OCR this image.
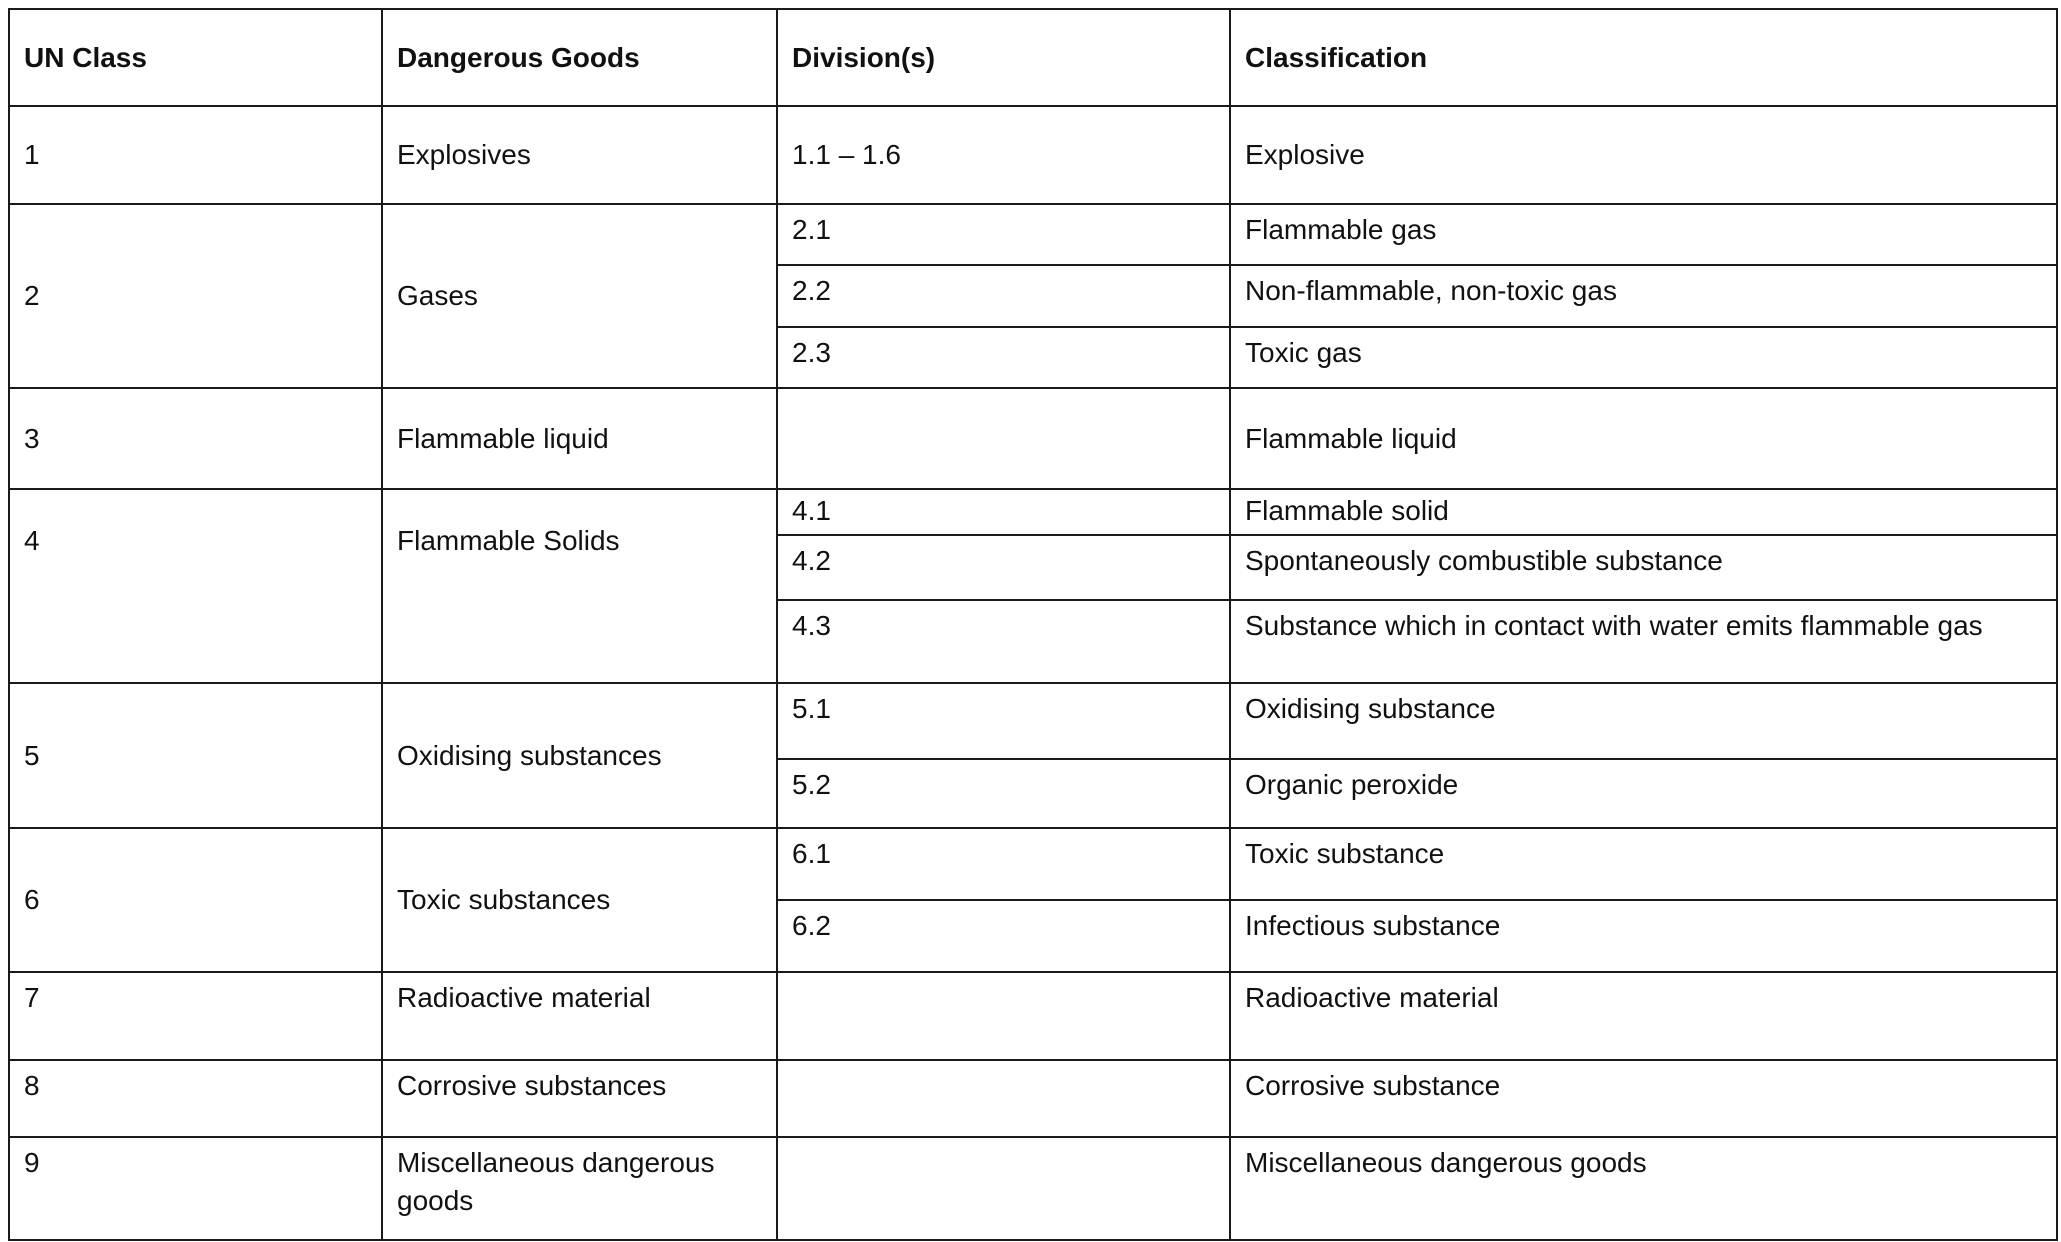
UN Class	Dangerous Goods	Division(s)	Classification
1	Explosives	1.1 – 1.6	Explosive
2	Gases	2.1	Flammable gas
		2.2	Non-flammable, non-toxic gas
		2.3	Toxic gas
3	Flammable liquid		Flammable liquid
4	Flammable Solids	4.1	Flammable solid
		4.2	Spontaneously combustible substance
		4.3	Substance which in contact with water emits flammable gas
5	Oxidising substances	5.1	Oxidising substance
		5.2	Organic peroxide
6	Toxic substances	6.1	Toxic substance
		6.2	Infectious substance
7	Radioactive material		Radioactive material
8	Corrosive substances		Corrosive substance
9	Miscellaneous dangerous goods		Miscellaneous dangerous goods
